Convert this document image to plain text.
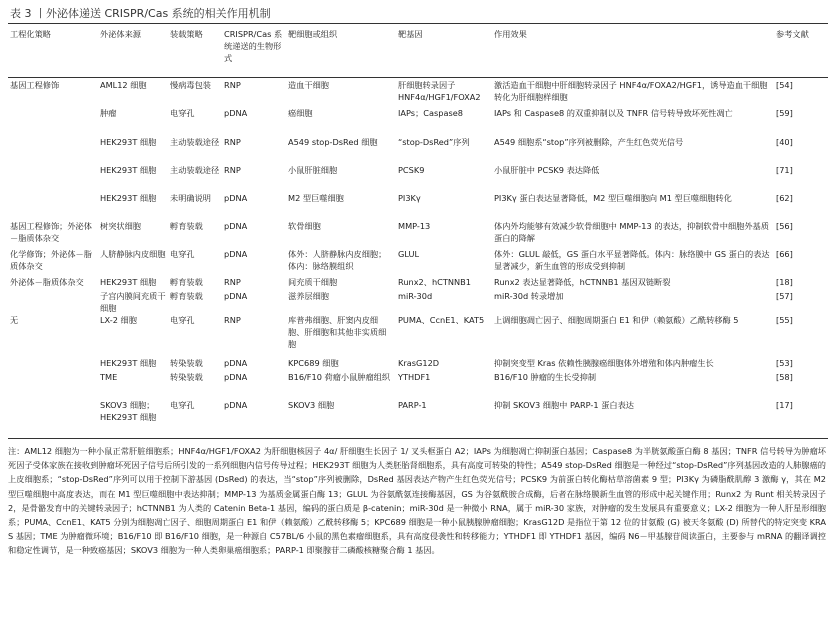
表 3 丨外泌体递送 CRISPR/Cas 系统的相关作用机制
工程化策略	外泌体来源	装载策略	CRISPR/Cas 系统递送的生物形式	靶细胞或组织	靶基因	作用效果	参考文献
基因工程修饰	AML12 细胞	慢病毒包装	RNP	造血干细胞	肝细胞转录因子 HNF4α/HGF1/FOXA2	激活造血干细胞中肝细胞转录因子 HNF4α/FOXA2/HGF1，诱导造血干细胞转化为肝细胞样细胞	[54]
	肿瘤	电穿孔	pDNA	癌细胞	IAPs；Caspase8	IAPs 和 Caspase8 的双重抑制以及 TNFR 信号转导致坏死性凋亡	[59]
	HEK293T 细胞	主动装载途径	RNP	A549 stop-DsRed 细胞	“stop-DsRed”序列	A549 细胞系“stop”序列被删除，产生红色荧光信号	[40]
	HEK293T 细胞	主动装载途径	RNP	小鼠肝脏细胞	PCSK9	小鼠肝脏中 PCSK9 表达降低	[71]
	HEK293T 细胞	未明确说明	pDNA	M2 型巨噬细胞	PI3Kγ	PI3Kγ 蛋白表达显著降低，M2 型巨噬细胞向 M1 型巨噬细胞转化	[62]
基因工程修饰；外泌体－脂质体杂交	树突状细胞	孵育装载	pDNA	软骨细胞	MMP-13	体内外均能够有效减少软骨细胞中 MMP-13 的表达，抑制软骨中细胞外基质蛋白的降解	[56]
化学修饰；外泌体－脂质体杂交	人脐静脉内皮细胞	电穿孔	pDNA	体外：人脐静脉内皮细胞；体内：脉络膜组织	GLUL	体外：GLUL 敲低，GS 蛋白水平显著降低。体内：脉络膜中 GS 蛋白的表达显著减少，新生血管的形成受到抑制	[66]
外泌体－脂质体杂交	HEK293T 细胞	孵育装载	RNP	间充质干细胞	Runx2、hCTNNB1	Runx2 表达显著降低，hCTNNB1 基因双链断裂	[18]
	子宫内膜间充质干细胞	孵育装载	pDNA	滋养层细胞	miR-30d	miR-30d 转录增加	[57]
无	LX-2 细胞	电穿孔	RNP	库普弗细胞、肝窦内皮细胞、肝细胞和其他非实质细胞	PUMA、CcnE1、KAT5	上调细胞凋亡因子、细胞周期蛋白 E1 和伊（赖氨酸）乙酰转移酶 5	[55]
	HEK293T 细胞	转染装载	pDNA	KPC689 细胞	KrasG12D	抑制突变型 Kras 依赖性胰腺癌细胞体外增殖和体内肿瘤生长	[53]
	TME	转染装载	pDNA	B16/F10 荷瘤小鼠肿瘤组织	YTHDF1	B16/F10 肿瘤的生长受抑制	[58]
	SKOV3 细胞；HEK293T 细胞	电穿孔	pDNA	SKOV3 细胞	PARP-1	抑制 SKOV3 细胞中 PARP-1 蛋白表达	[17]
注：AML12 细胞为一种小鼠正常肝脏细胞系；HNF4α/HGF1/FOXA2 为肝细胞核因子 4α/ 肝细胞生长因子 1/ 叉头框蛋白 A2；IAPs 为细胞凋亡抑制蛋白基因；Caspase8 为半胱氨酸蛋白酶 8 基因；TNFR 信号转导为肿瘤坏死因子受体家族在接收到肿瘤坏死因子信号后所引发的一系列细胞内信号传导过程；HEK293T 细胞为人类胚胎肾细胞系，具有高度可转染的特性；A549 stop-DsRed 细胞是一种经过“stop-DsRed”序列基因改造的人肺腺癌的上皮细胞系；“stop-DsRed”序列可以用于控制下游基因 (DsRed) 的表达，当“stop”序列被删除，DsRed 基因表达产物产生红色荧光信号；PCSK9 为前蛋白转化酶枯草溶菌素 9 型；PI3Kγ 为磷脂酰肌醇 3 激酶 γ，其在 M2 型巨噬细胞中高度表达，而在 M1 型巨噬细胞中表达抑制；MMP-13 为基质金属蛋白酶 13；GLUL 为谷氨酰氨连接酶基因，GS 为谷氨酰胺合成酶，后者在脉络膜新生血管的形成中起关键作用；Runx2 为 Runt 相关转录因子 2，是骨骼发育中的关键转录因子；hCTNNB1 为人类的 Catenin Beta-1 基因，编码的蛋白质是 β-catenin；miR-30d 是一种微小 RNA，属于 miR-30 家族，对肿瘤的发生发展具有重要意义；LX-2 细胞为一种人肝星形细胞系；PUMA、CcnE1、KAT5 分别为细胞凋亡因子、细胞周期蛋白 E1 和伊（赖氨酸）乙酰转移酶 5；KPC689 细胞是一种小鼠胰腺肿瘤细胞；KrasG12D 是指位于第 12 位的甘氨酸 (G) 被天冬氨酸 (D) 所替代的特定突变 KRAS 基因；TME 为肿瘤微环境；B16/F10 即 B16/F10 细胞，是一种源自 C57BL/6 小鼠的黑色素瘤细胞系，具有高度侵袭性和转移能力；YTHDF1 即 YTHDF1 基因，编码 N6－甲基腺苷阅读蛋白，主要参与 mRNA 的翻译调控和稳定性调节，是一种致癌基因；SKOV3 细胞为一种人类卵巢癌细胞系；PARP-1 即聚腺苷二磷酸核糖聚合酶 1 基因。
